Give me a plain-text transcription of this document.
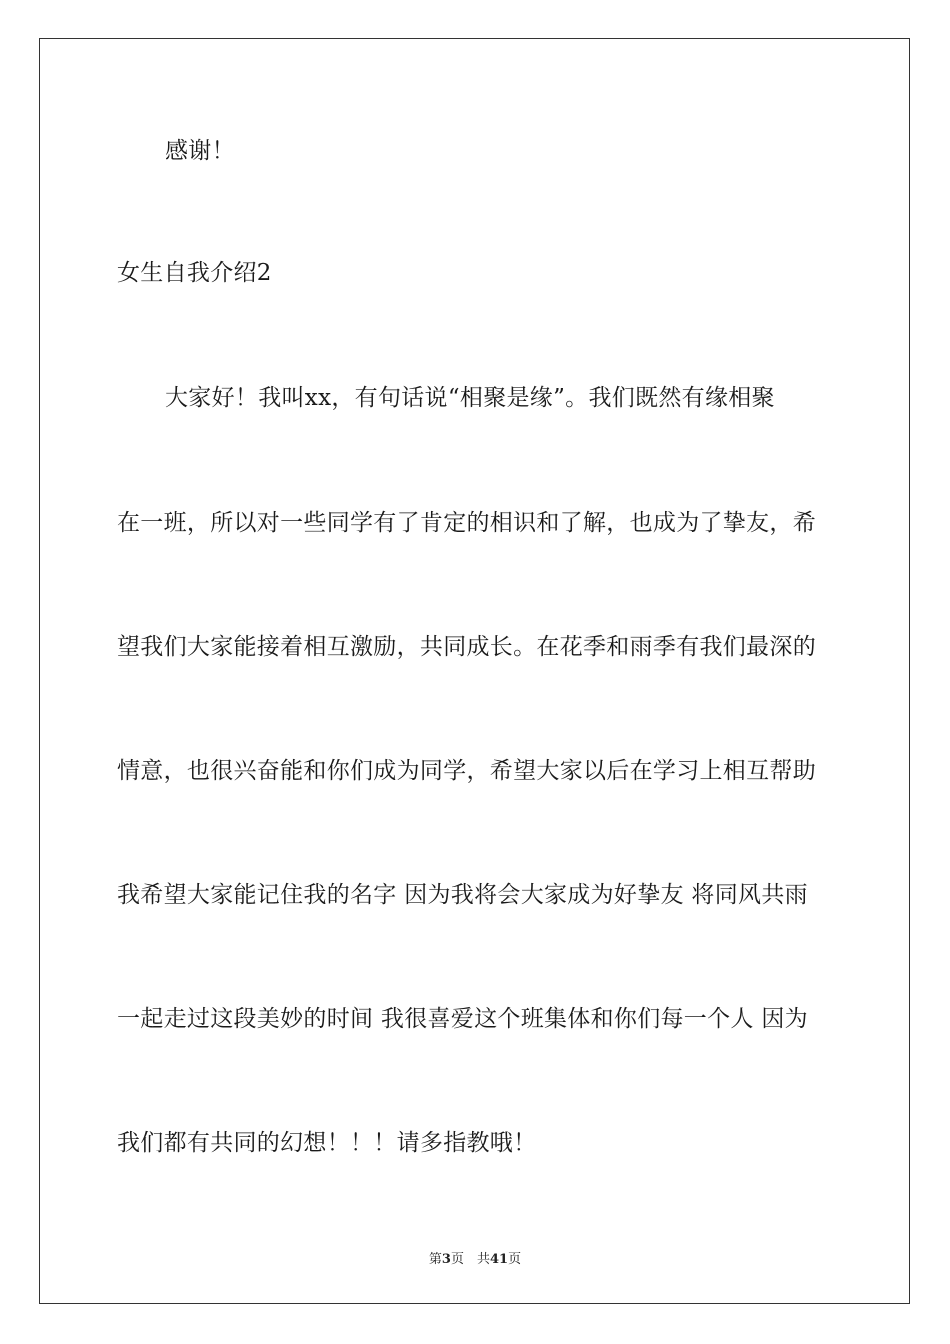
感谢！
女生自我介绍2
大家好！我叫xx，有句话说“相聚是缘”。我们既然有缘相聚
在一班，所以对一些同学有了肯定的相识和了解，也成为了挚友，希
望我们大家能接着相互激励，共同成长。在花季和雨季有我们最深的
情意，也很兴奋能和你们成为同学，希望大家以后在学习上相互帮助
我希望大家能记住我的名字 因为我将会大家成为好挚友 将同风共雨
一起走过这段美妙的时间 我很喜爱这个班集体和你们每一个人 因为
我们都有共同的幻想！！！请多指教哦！
第3页　共41页
